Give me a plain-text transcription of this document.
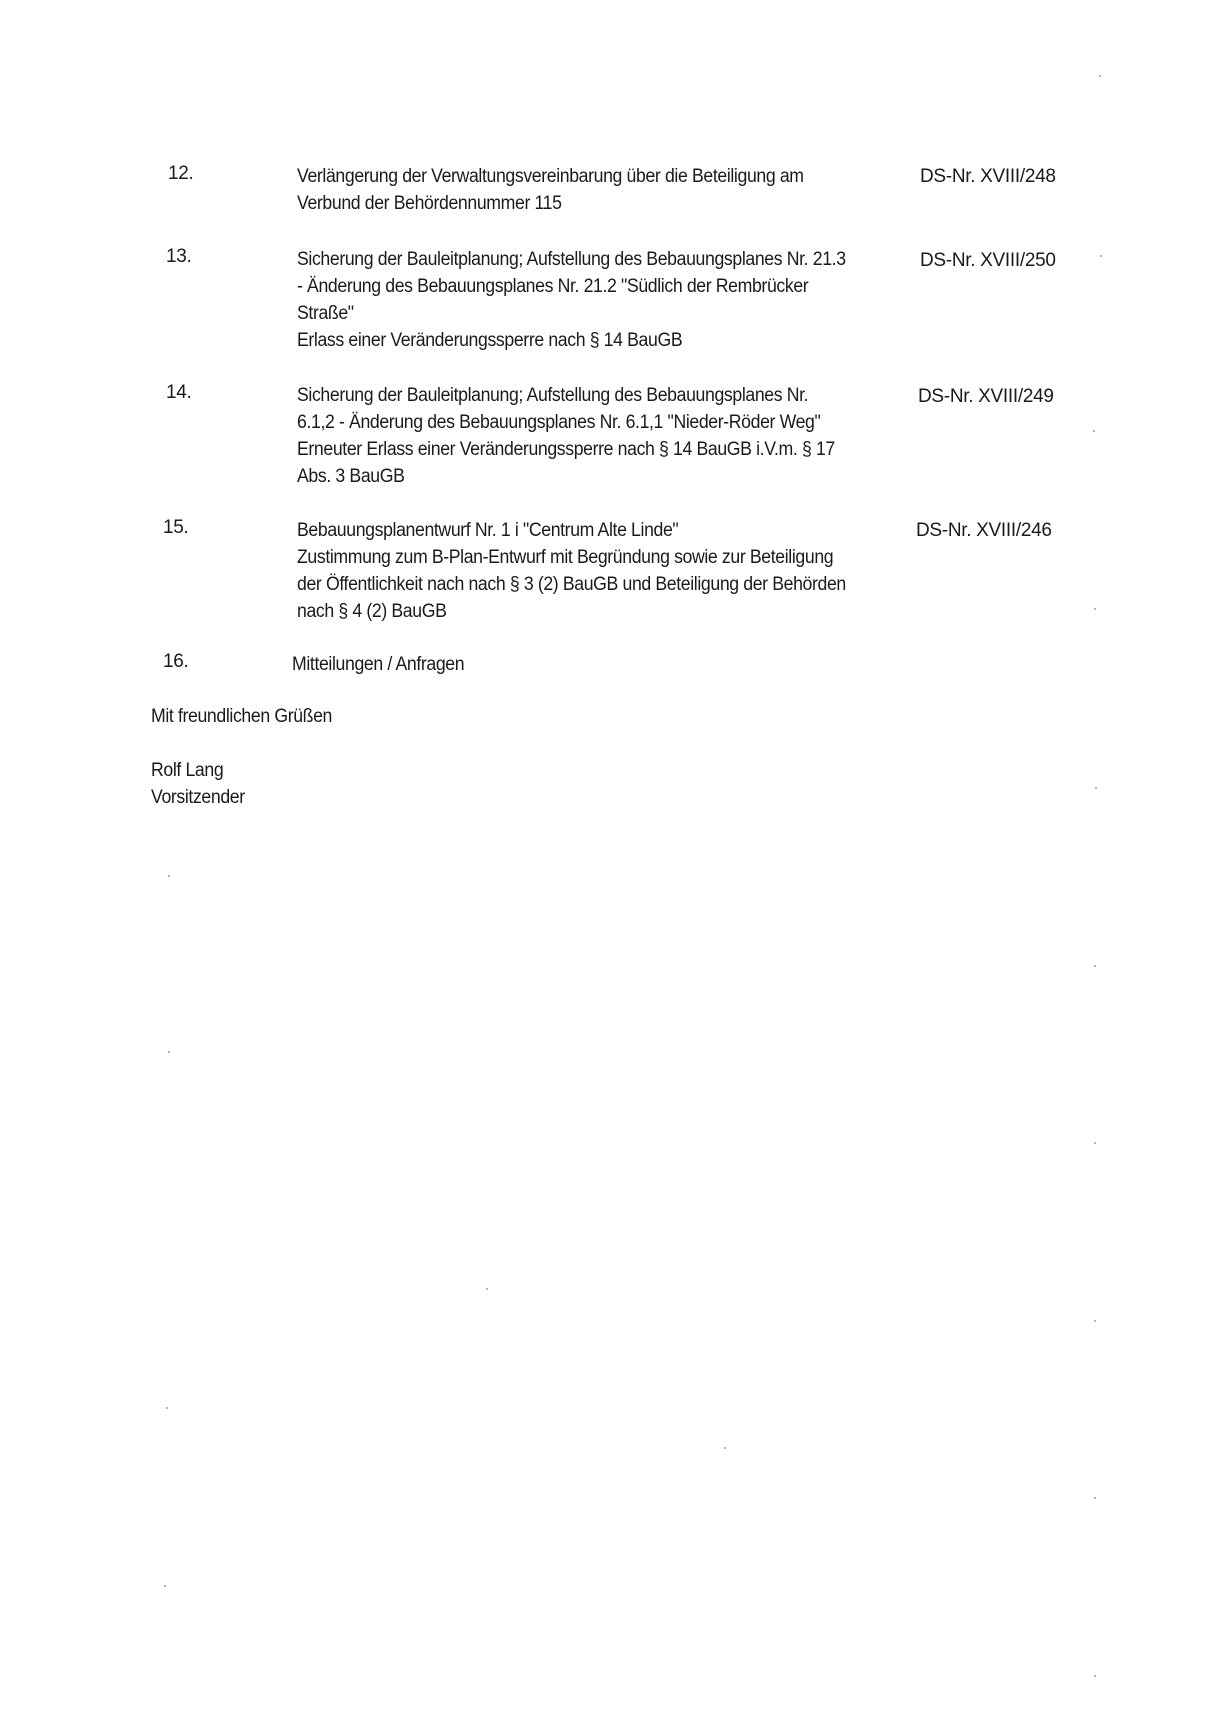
12.	Verlängerung der Verwaltungsvereinbarung über die Beteiligung am
Verbund der Behördennummer 115
DS-Nr. XVIII/248
13.	Sicherung der Bauleitplanung; Aufstellung des Bebauungsplanes Nr. 21.3
- Änderung des Bebauungsplanes Nr. 21.2 "Südlich der Rembrücker
Straße"
Erlass einer Veränderungssperre nach § 14 BauGB
DS-Nr. XVIII/250
14.	Sicherung der Bauleitplanung; Aufstellung des Bebauungsplanes Nr.
6.1,2 - Änderung des Bebauungsplanes Nr. 6.1,1 "Nieder-Röder Weg"
Erneuter Erlass einer Veränderungssperre nach § 14 BauGB i.V.m. § 17
Abs. 3 BauGB
DS-Nr. XVIII/249
15.	Bebauungsplanentwurf Nr. 1 i "Centrum Alte Linde"
Zustimmung zum B-Plan-Entwurf mit Begründung sowie zur Beteiligung
der Öffentlichkeit nach nach § 3 (2) BauGB und Beteiligung der Behörden
nach § 4 (2) BauGB
DS-Nr. XVIII/246
16.	Mitteilungen / Anfragen
Mit freundlichen Grüßen
Rolf Lang
Vorsitzender
